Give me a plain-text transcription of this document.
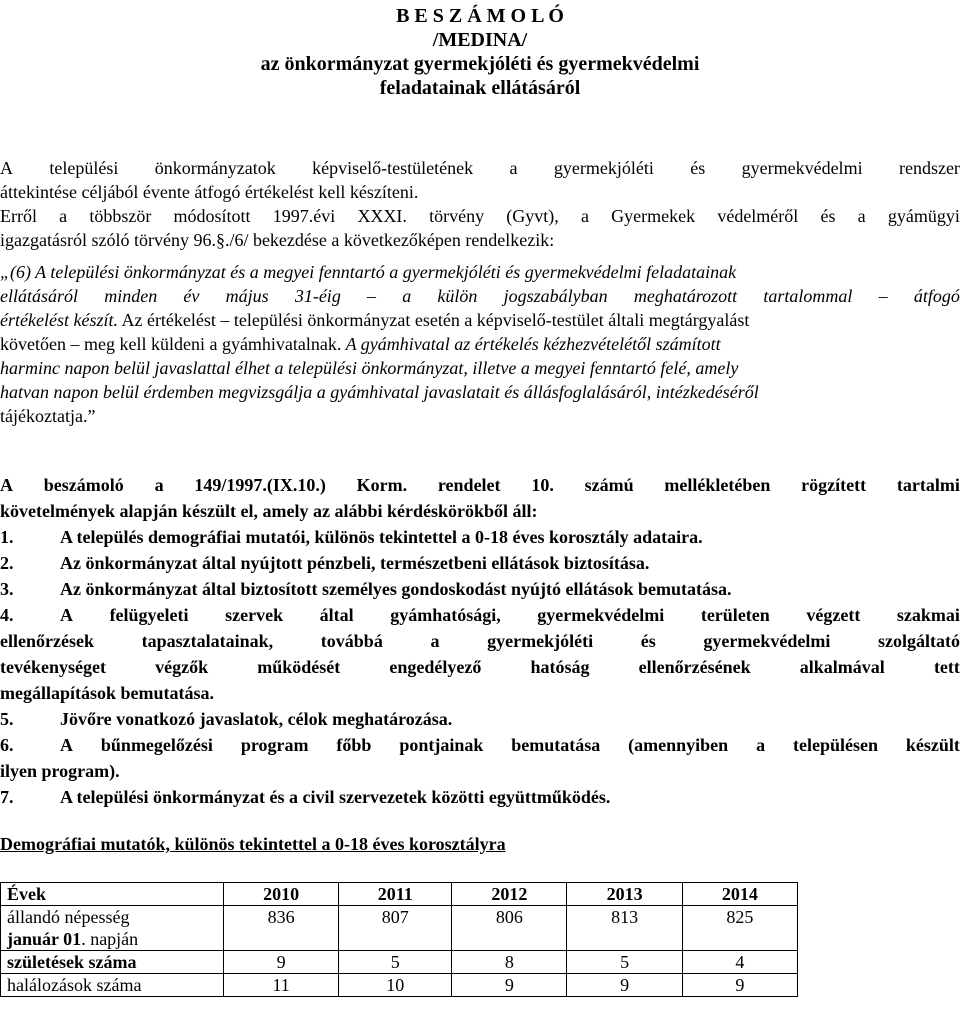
B E S Z Á M O L Ó
/MEDINA/
az önkormányzat gyermekjóléti és gyermekvédelmi
feladatainak ellátásáról
A települési önkormányzatok képviselő-testületének a gyermekjóléti és gyermekvédelmi rendszer
áttekintése céljából évente átfogó értékelést kell készíteni.
Erről a többször módosított 1997.évi XXXI. törvény (Gyvt), a Gyermekek védelméről és a gyámügyi
igazgatásról szóló törvény 96.§./6/ bekezdése a következőképen rendelkezik:
„(6) A települési önkormányzat és a megyei fenntartó a gyermekjóléti és gyermekvédelmi feladatainak
ellátásáról minden év május 31-éig – a külön jogszabályban meghatározott tartalommal – átfogó
értékelést készít. Az értékelést – települési önkormányzat esetén a képviselő-testület általi megtárgyalást
követően – meg kell küldeni a gyámhivatalnak. A gyámhivatal az értékelés kézhezvételétől számított
harminc napon belül javaslattal élhet a települési önkormányzat, illetve a megyei fenntartó felé, amely
hatvan napon belül érdemben megvizsgálja a gyámhivatal javaslatait és állásfoglalásáról, intézkedéséről
tájékoztatja.”
A beszámoló a 149/1997.(IX.10.) Korm. rendelet 10. számú mellékletében rögzített tartalmi
követelmények alapján készült el, amely az alábbi kérdéskörökből áll:
1.	A település demográfiai mutatói, különös tekintettel a 0-18 éves korosztály adataira.
2.	Az önkormányzat által nyújtott pénzbeli, természetbeni ellátások biztosítása.
3.	Az önkormányzat által biztosított személyes gondoskodást nyújtó ellátások bemutatása.
4.	A felügyeleti szervek által gyámhatósági, gyermekvédelmi területen végzett szakmai
ellenőrzések	tapasztalatainak,	továbbá	a	gyermekjóléti	és	gyermekvédelmi	szolgáltató
tevékenységet	végzők	működését	engedélyező	hatóság	ellenőrzésének	alkalmával	tett
megállapítások bemutatása.
5.	Jövőre vonatkozó javaslatok, célok meghatározása.
6.	A bűnmegelőzési program főbb pontjainak bemutatása (amennyiben a településen készült
ilyen program).
7.	A települési önkormányzat és a civil szervezetek közötti együttműködés.
Demográfiai mutatók, különös tekintettel a 0-18 éves korosztályra
Évek	2010	2011	2012	2013	2014
állandó népesség
január 01. napján	836	807	806	813	825
születések száma	9	5	8	5	4
halálozások száma	11	10	9	9	9
